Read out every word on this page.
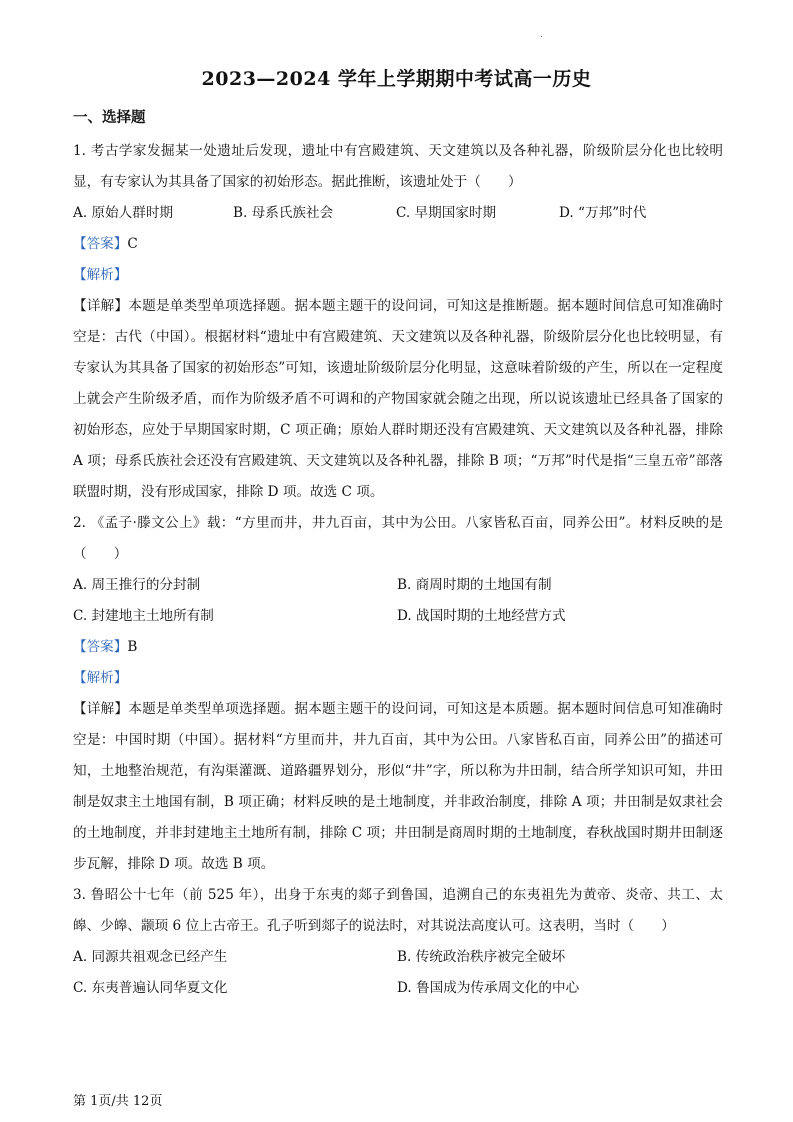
.
2023—2024 学年上学期期中考试高一历史
一、选择题

1. 考古学家发掘某一处遗址后发现，遗址中有宫殿建筑、天文建筑以及各种礼器，阶级阶层分化也比较明显，有专家认为其具备了国家的初始形态。据此推断，该遗址处于（　　）

A. 原始人群时期	B. 母系氏族社会	C. 早期国家时期	D. “万邦”时代

【答案】C

【解析】

【详解】本题是单类型单项选择题。据本题主题干的设问词，可知这是推断题。据本题时间信息可知准确时空是：古代（中国）。根据材料“遗址中有宫殿建筑、天文建筑以及各种礼器，阶级阶层分化也比较明显，有专家认为其具备了国家的初始形态”可知，该遗址阶级阶层分化明显，这意味着阶级的产生，所以在一定程度上就会产生阶级矛盾，而作为阶级矛盾不可调和的产物国家就会随之出现，所以说该遗址已经具备了国家的初始形态，应处于早期国家时期，C 项正确；原始人群时期还没有宫殿建筑、天文建筑以及各种礼器，排除 A 项；母系氏族社会还没有宫殿建筑、天文建筑以及各种礼器，排除 B 项；“万邦”时代是指“三皇五帝”部落联盟时期，没有形成国家，排除 D 项。故选 C 项。

2. 《孟子·滕文公上》载：“方里而井，井九百亩，其中为公田。八家皆私百亩，同养公田”。材料反映的是（　　）

A. 周王推行的分封制	B. 商周时期的土地国有制
C. 封建地主土地所有制	D. 战国时期的土地经营方式

【答案】B

【解析】

【详解】本题是单类型单项选择题。据本题主题干的设问词，可知这是本质题。据本题时间信息可知准确时空是：中国时期（中国）。据材料“方里而井，井九百亩，其中为公田。八家皆私百亩，同养公田”的描述可知，土地整治规范，有沟渠灌溉、道路疆界划分，形似“井”字，所以称为井田制，结合所学知识可知，井田制是奴隶主土地国有制，B 项正确；材料反映的是土地制度，并非政治制度，排除 A 项；井田制是奴隶社会的土地制度，并非封建地主土地所有制，排除 C 项；井田制是商周时期的土地制度，春秋战国时期井田制逐步瓦解，排除 D 项。故选 B 项。

3. 鲁昭公十七年（前 525 年），出身于东夷的郯子到鲁国，追溯自己的东夷祖先为黄帝、炎帝、共工、太皞、少皞、颛顼 6 位上古帝王。孔子听到郯子的说法时，对其说法高度认可。这表明，当时（　　）

A. 同源共祖观念已经产生	B. 传统政治秩序被完全破坏
C. 东夷普遍认同华夏文化	D. 鲁国成为传承周文化的中心
第 1页/共 12页
